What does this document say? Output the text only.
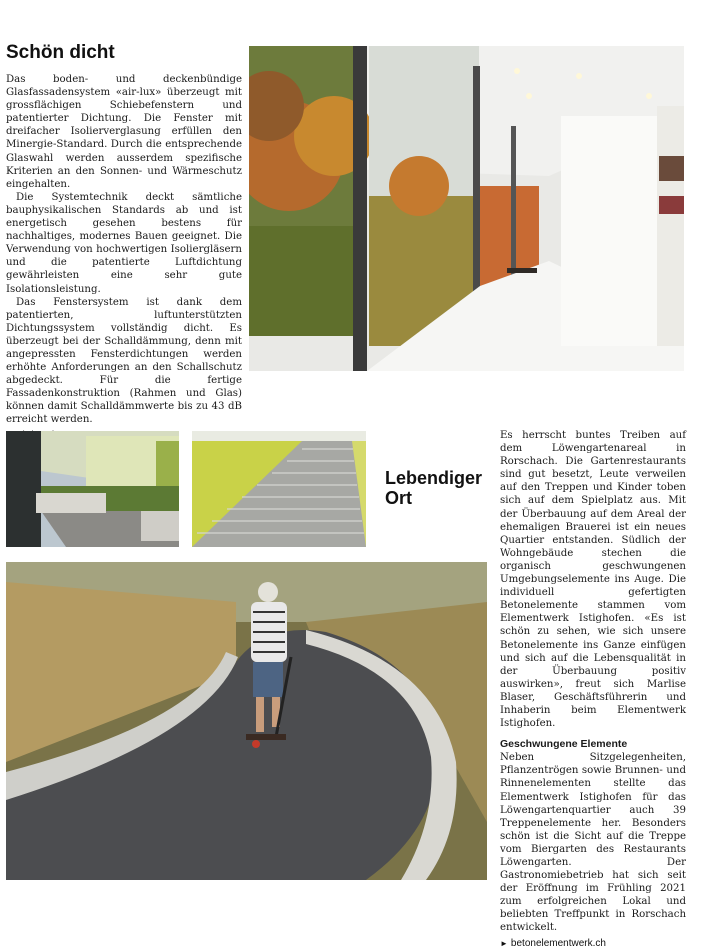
Schön dicht

Das boden- und deckenbündige Glasfassadensystem «air-lux» überzeugt mit grossflächigen Schiebefenstern und patentierter Dichtung. Die Fenster mit dreifacher Isolierverglasung erfüllen den Minergie-Standard. Durch die entsprechende Glaswahl werden ausserdem spezifische Kriterien an den Sonnen- und Wärmeschutz eingehalten.

Die Systemtechnik deckt sämtliche bauphysikalischen Standards ab und ist energetisch gesehen bestens für nachhaltiges, modernes Bauen geeignet. Die Verwendung von hochwertigen Isoliergläsern und die patentierte Luftdichtung gewährleisten eine sehr gute Isolationsleistung.

Das Fenstersystem ist dank dem patentierten, luftunterstützten Dichtungssystem vollständig dicht. Es überzeugt bei der Schalldämmung, denn mit angepressten Fensterdichtungen werden erhöhte Anforderungen an den Schallschutz abgedeckt. Für die fertige Fassadenkonstruktion (Rahmen und Glas) können damit Schalldämmwerte bis zu 43 dB erreicht werden.

Lebendiger
Ort

Es herrscht buntes Treiben auf dem Löwengartenareal in Rorschach. Die Gartenrestaurants sind gut besetzt, Leute verweilen auf den Treppen und Kinder toben sich auf dem Spielplatz aus. Mit der Überbauung auf dem Areal der ehemaligen Brauerei ist ein neues Quartier entstanden. Südlich der Wohngebäude stechen die organisch geschwungenen Umgebungselemente ins Auge. Die individuell gefertigten Betonelemente stammen vom Elementwerk Istighofen. «Es ist schön zu sehen, wie sich unsere Betonelemente ins Ganze einfügen und sich auf die Lebensqualität in der Überbauung positiv auswirken», freut sich Marlise Blaser, Geschäftsführerin und Inhaberin beim Elementwerk Istighofen.

Geschwungene Elemente

Neben Sitzgelegenheiten, Pflanzentrögen sowie Brunnen- und Rinnenelementen stellte das Elementwerk Istighofen für das Löwengartenquartier auch 39 Treppenelemente her. Besonders schön ist die Sicht auf die Treppe vom Biergarten des Restaurants Löwengarten. Der Gastronomiebetrieb hat sich seit der Eröffnung im Frühling 2021 zum erfolgreichen Lokal und beliebten Treffpunkt in Rorschach entwickelt.

► betonelementwerk.ch
